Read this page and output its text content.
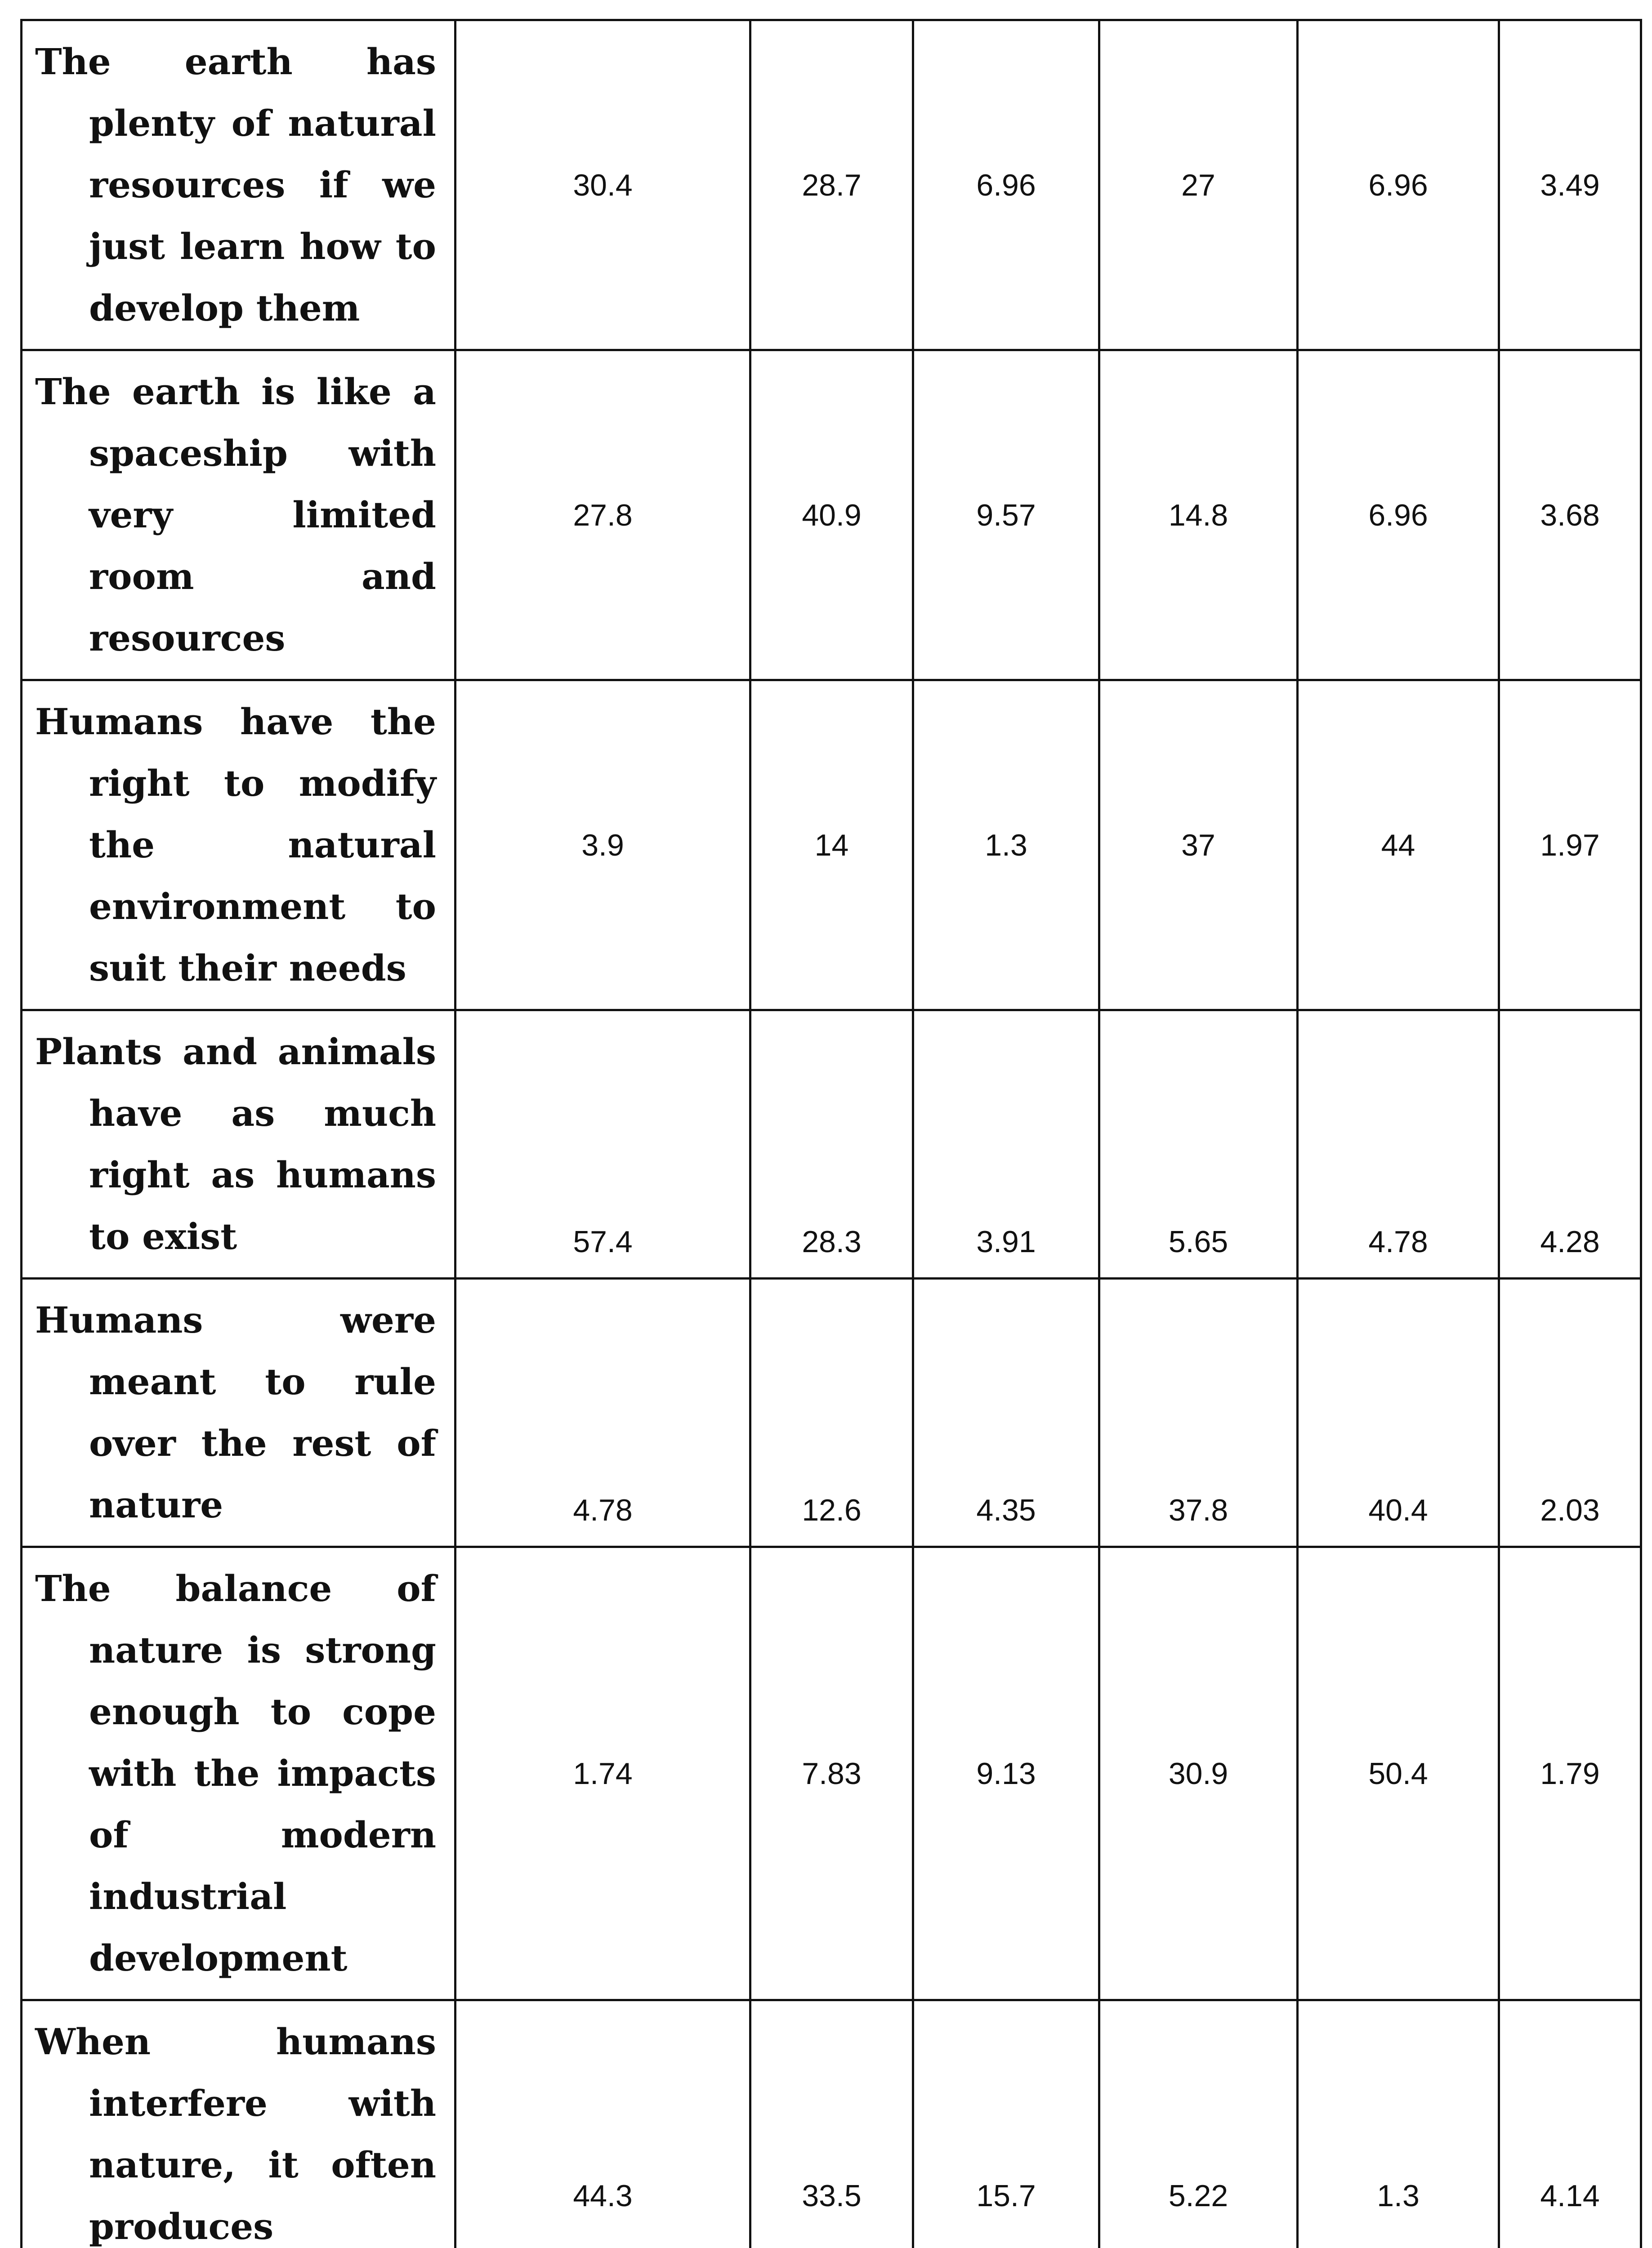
The earth has plenty of natural resources if we just learn how to develop them	30.4	28.7	6.96	27	6.96	3.49
The earth is like a spaceship with very limited room and resources	27.8	40.9	9.57	14.8	6.96	3.68
Humans have the right to modify the natural environment to suit their needs	3.9	14	1.3	37	44	1.97
Plants and animals have as much right as humans to exist	57.4	28.3	3.91	5.65	4.78	4.28
Humans were meant to rule over the rest of nature	4.78	12.6	4.35	37.8	40.4	2.03
The balance of nature is strong enough to cope with the impacts of modern industrial development	1.74	7.83	9.13	30.9	50.4	1.79
When humans interfere with nature, it often produces	44.3	33.5	15.7	5.22	1.3	4.14
